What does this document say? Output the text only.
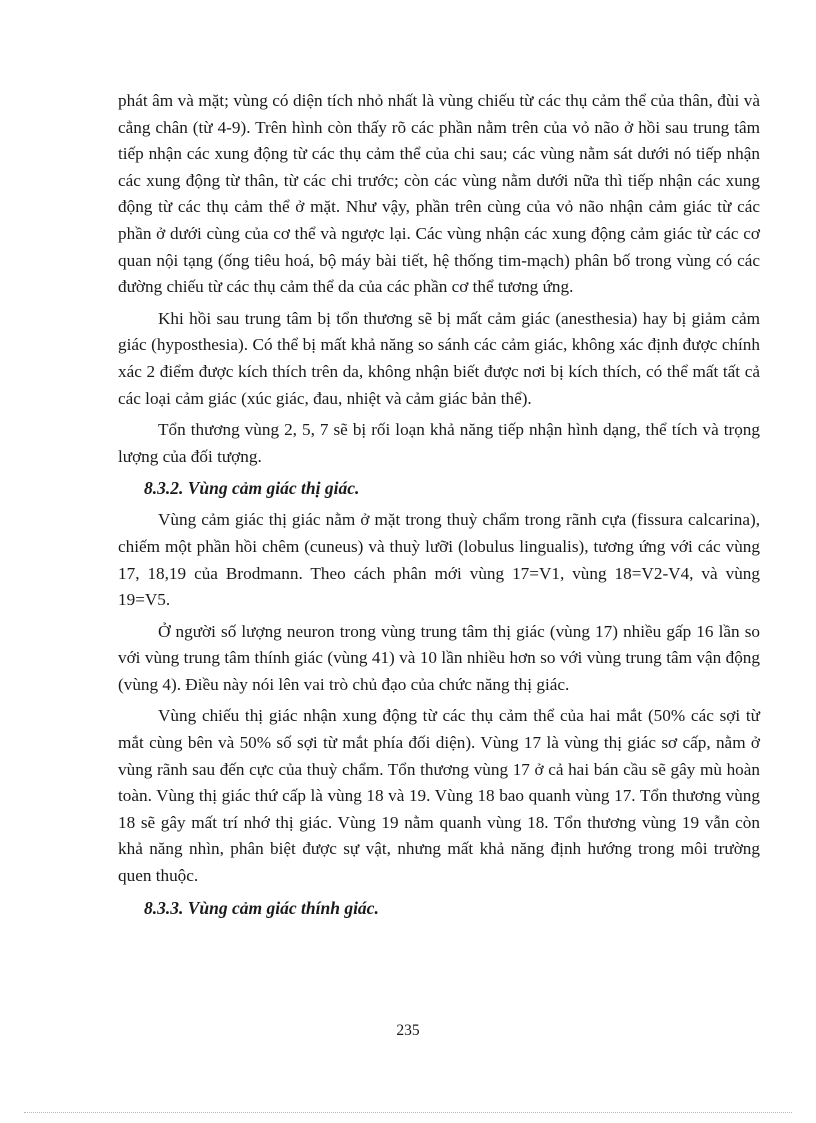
phát âm và mặt; vùng có diện tích nhỏ nhất là vùng chiếu từ các thụ cảm thể của thân, đùi và cẳng chân (từ 4-9). Trên hình còn thấy rõ các phần nằm trên của vỏ não ở hồi sau trung tâm tiếp nhận các xung động từ các thụ cảm thể của chi sau; các vùng nằm sát dưới nó tiếp nhận các xung động từ thân, từ các chi trước; còn các vùng nằm dưới nữa thì tiếp nhận các xung động từ các thụ cảm thể ở mặt. Như vậy, phần trên cùng của vỏ não nhận cảm giác từ các phần ở dưới cùng của cơ thể và ngược lại. Các vùng nhận các xung động cảm giác từ các cơ quan nội tạng (ống tiêu hoá, bộ máy bài tiết, hệ thống tim-mạch) phân bố trong vùng có các đường chiếu từ các thụ cảm thể da của các phần cơ thể tương ứng.

Khi hồi sau trung tâm bị tổn thương sẽ bị mất cảm giác (anesthesia) hay bị giảm cảm giác (hyposthesia). Có thể bị mất khả năng so sánh các cảm giác, không xác định được chính xác 2 điểm được kích thích trên da, không nhận biết được nơi bị kích thích, có thể mất tất cả các loại cảm giác (xúc giác, đau, nhiệt và cảm giác bản thể).

Tổn thương vùng 2, 5, 7 sẽ bị rối loạn khả năng tiếp nhận hình dạng, thể tích và trọng lượng của đối tượng.

8.3.2. Vùng cảm giác thị giác.

Vùng cảm giác thị giác nằm ở mặt trong thuỳ chẩm trong rãnh cựa (fissura calcarina), chiếm một phần hồi chêm (cuneus) và thuỳ lưỡi (lobulus lingualis), tương ứng với các vùng 17, 18,19 của Brodmann. Theo cách phân mới vùng 17=V1, vùng 18=V2-V4, và vùng 19=V5.

Ở người số lượng neuron trong vùng trung tâm thị giác (vùng 17) nhiều gấp 16 lần so với vùng trung tâm thính giác (vùng 41) và 10 lần nhiều hơn so với vùng trung tâm vận động (vùng 4). Điều này nói lên vai trò chủ đạo của chức năng thị giác.

Vùng chiếu thị giác nhận xung động từ các thụ cảm thể của hai mắt (50% các sợi từ mắt cùng bên và 50% số sợi từ mắt phía đối diện). Vùng 17 là vùng thị giác sơ cấp, nằm ở vùng rãnh sau đến cực của thuỳ chẩm. Tổn thương vùng 17 ở cả hai bán cầu sẽ gây mù hoàn toàn. Vùng thị giác thứ cấp là vùng 18 và 19. Vùng 18 bao quanh vùng 17. Tổn thương vùng 18 sẽ gây mất trí nhớ thị giác. Vùng 19 nằm quanh vùng 18. Tổn thương vùng 19 vẫn còn khả năng nhìn, phân biệt được sự vật, nhưng mất khả năng định hướng trong môi trường quen thuộc.

8.3.3. Vùng cảm giác thính giác.
235
